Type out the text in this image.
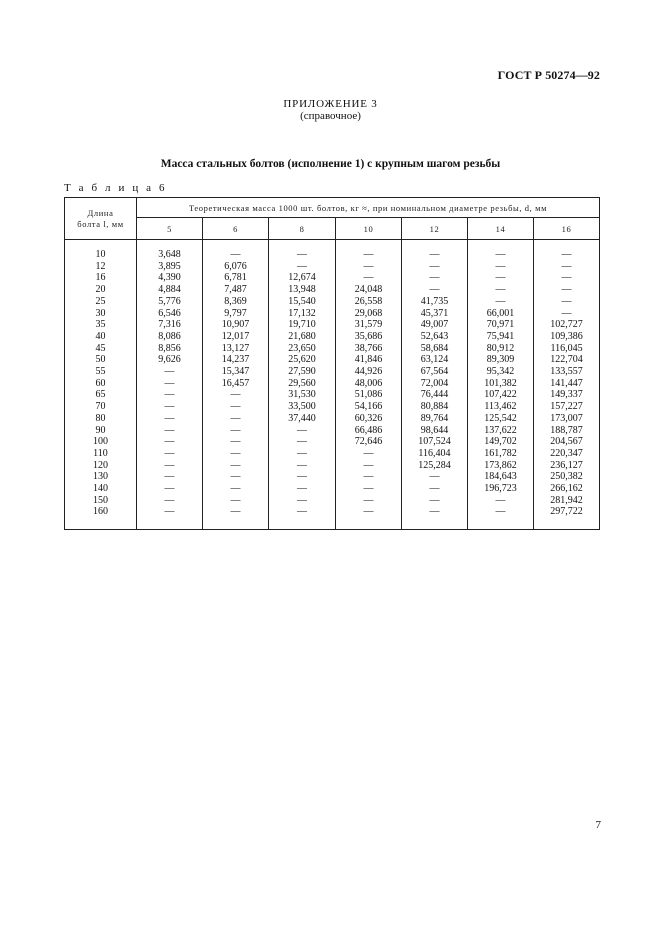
ГОСТ Р 50274—92
ПРИЛОЖЕНИЕ 3
(справочное)
Масса стальных болтов (исполнение 1) с крупным шагом резьбы
Т а б л и ц а 6
Длина
болта l, мм	Теоретическая масса 1000 шт. болтов, кг ≈, при номинальном диаметре резьбы, d, мм						
	5	6	8	10	12	14	16

10	3,648	—	—	—	—	—	—
12	3,895	6,076	—	—	—	—	—
16	4,390	6,781	12,674	—	—	—	—
20	4,884	7,487	13,948	24,048	—	—	—
25	5,776	8,369	15,540	26,558	41,735	—	—
30	6,546	9,797	17,132	29,068	45,371	66,001	—
35	7,316	10,907	19,710	31,579	49,007	70,971	102,727
40	8,086	12,017	21,680	35,686	52,643	75,941	109,386
45	8,856	13,127	23,650	38,766	58,684	80,912	116,045
50	9,626	14,237	25,620	41,846	63,124	89,309	122,704
55	—	15,347	27,590	44,926	67,564	95,342	133,557
60	—	16,457	29,560	48,006	72,004	101,382	141,447
65	—	—	31,530	51,086	76,444	107,422	149,337
70	—	—	33,500	54,166	80,884	113,462	157,227
80	—	—	37,440	60,326	89,764	125,542	173,007
90	—	—	—	66,486	98,644	137,622	188,787
100	—	—	—	72,646	107,524	149,702	204,567
110	—	—	—	—	116,404	161,782	220,347
120	—	—	—	—	125,284	173,862	236,127
130	—	—	—	—	—	184,643	250,382
140	—	—	—	—	—	196,723	266,162
150	—	—	—	—	—	—	281,942
160	—	—	—	—	—	—	297,722

7
